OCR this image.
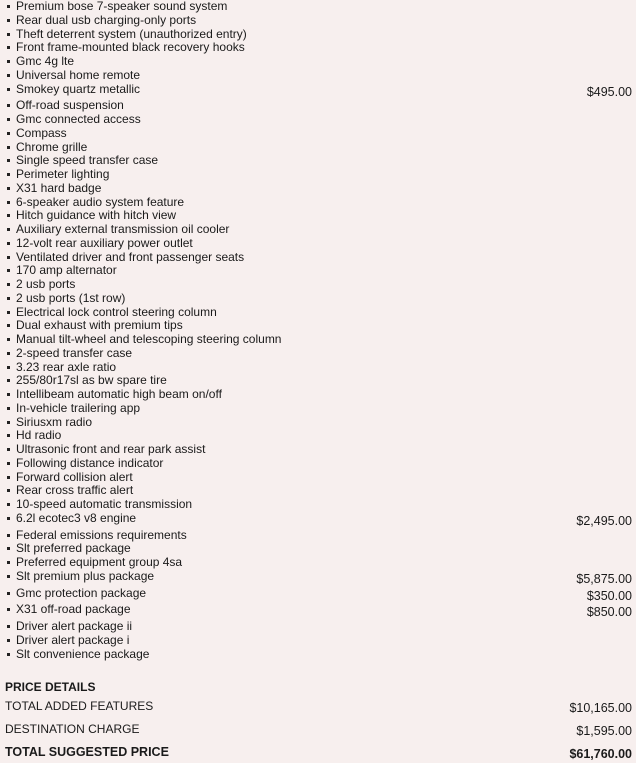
Premium bose 7-speaker sound system
Rear dual usb charging-only ports
Theft deterrent system (unauthorized entry)
Front frame-mounted black recovery hooks
Gmc 4g lte
Universal home remote
Smokey quartz metallic	$495.00
Off-road suspension
Gmc connected access
Compass
Chrome grille
Single speed transfer case
Perimeter lighting
X31 hard badge
6-speaker audio system feature
Hitch guidance with hitch view
Auxiliary external transmission oil cooler
12-volt rear auxiliary power outlet
Ventilated driver and front passenger seats
170 amp alternator
2 usb ports
2 usb ports (1st row)
Electrical lock control steering column
Dual exhaust with premium tips
Manual tilt-wheel and telescoping steering column
2-speed transfer case
3.23 rear axle ratio
255/80r17sl as bw spare tire
Intellibeam automatic high beam on/off
In-vehicle trailering app
Siriusxm radio
Hd radio
Ultrasonic front and rear park assist
Following distance indicator
Forward collision alert
Rear cross traffic alert
10-speed automatic transmission
6.2l ecotec3 v8 engine	$2,495.00
Federal emissions requirements
Slt preferred package
Preferred equipment group 4sa
Slt premium plus package	$5,875.00
Gmc protection package	$350.00
X31 off-road package	$850.00
Driver alert package ii
Driver alert package i
Slt convenience package
PRICE DETAILS
TOTAL ADDED FEATURES	$10,165.00
DESTINATION CHARGE	$1,595.00
TOTAL SUGGESTED PRICE	$61,760.00
